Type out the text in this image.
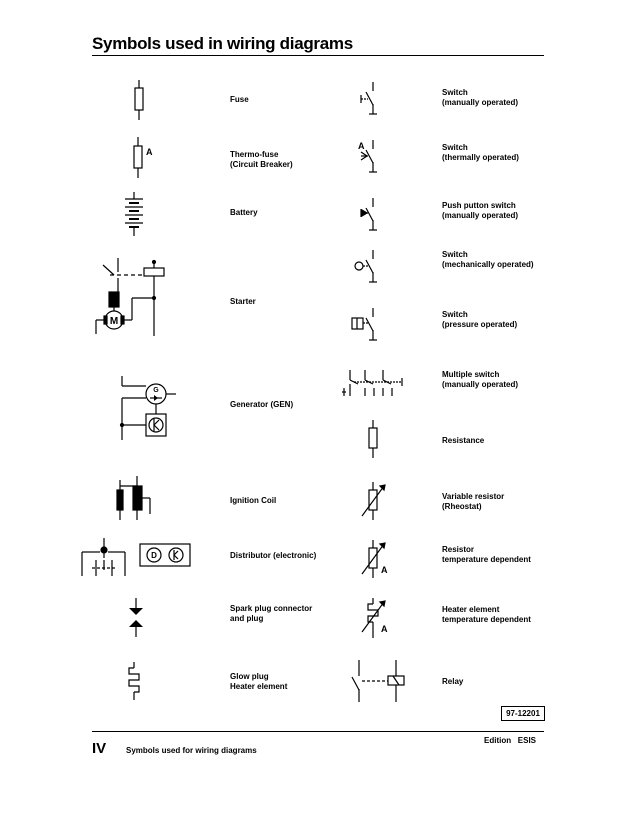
Symbols used in wiring diagrams
Fuse
Thermo-fuse
(Circuit Breaker)
Battery
Starter
Generator (GEN)
Ignition Coil
Distributor (electronic)
Spark plug connector
and plug
Glow plug
Heater element
Switch
(manually operated)
Switch
(thermally operated)
Push putton switch
(manually operated)
Switch
(mechanically operated)
Switch
(pressure operated)
Multiple switch
(manually operated)
Resistance
Variable resistor
(Rheostat)
Resistor
temperature dependent
Heater element
temperature dependent
Relay
A
M
G
D
A
A
A
97-12201
Edition   ESIS
IV Symbols used for wiring diagrams
